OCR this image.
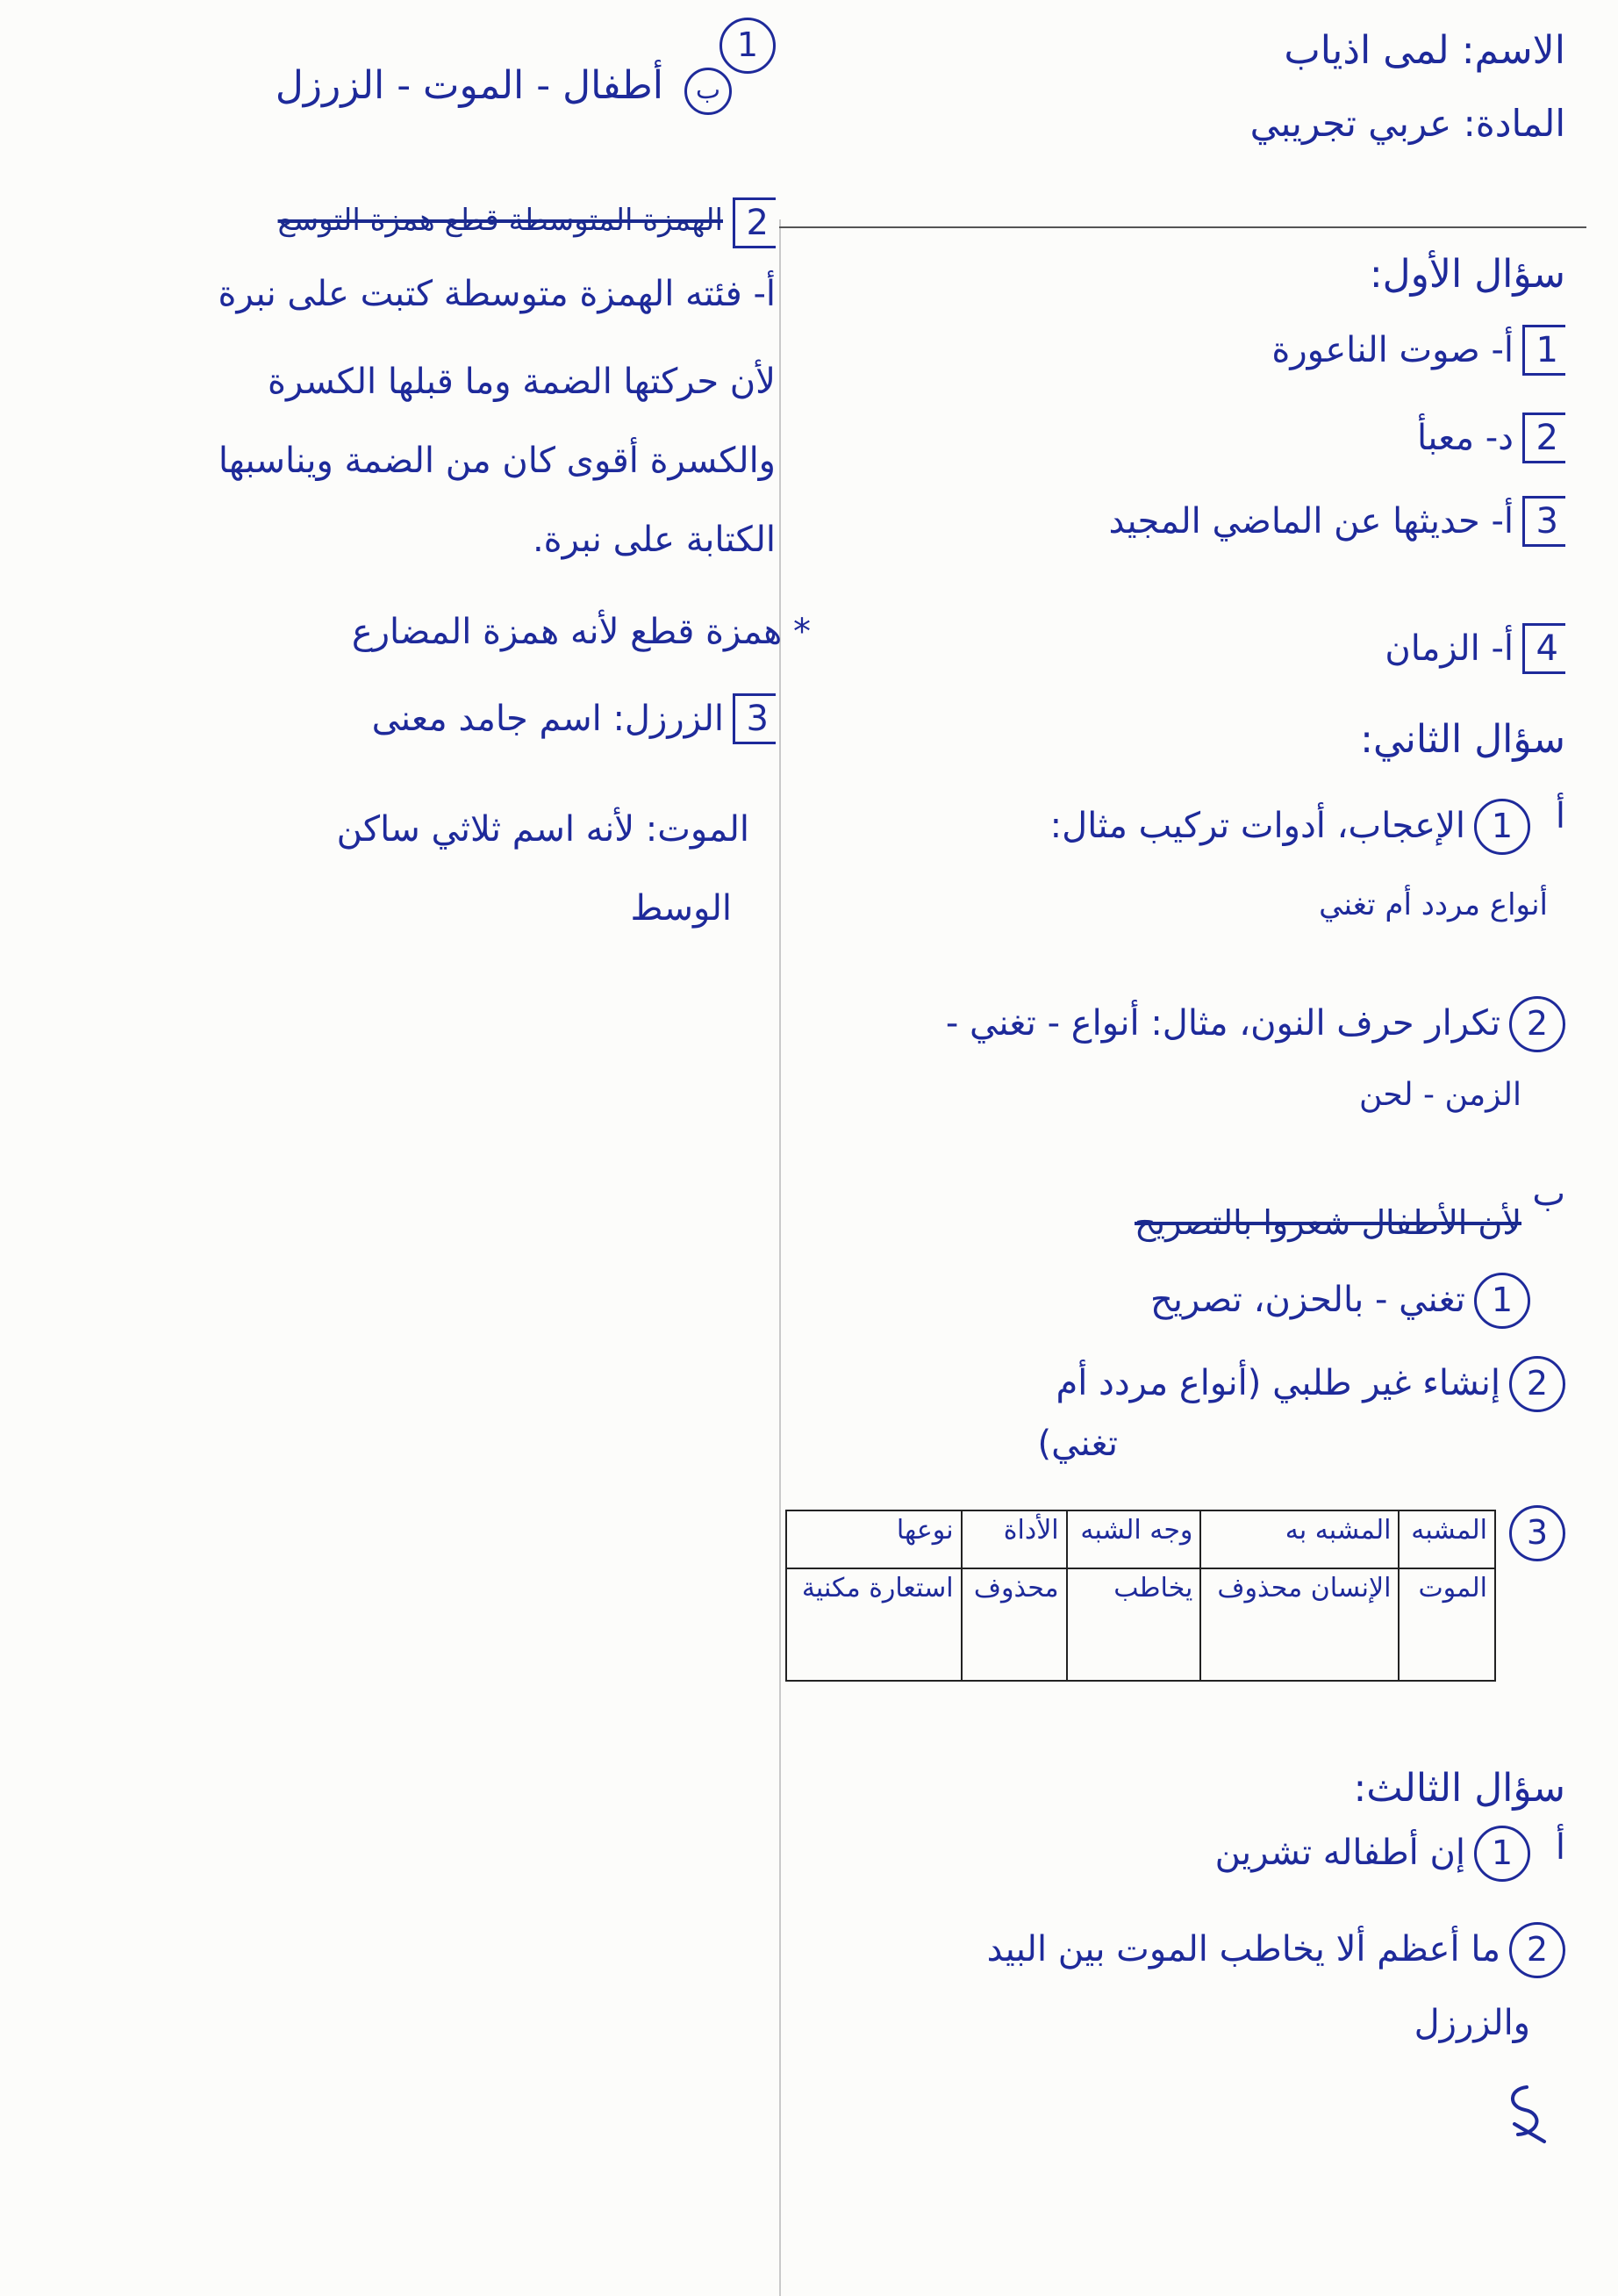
الاسم: لمى اذياب
المادة: عربي تجريبي
سؤال الأول:
1أ- صوت الناعورة
2د- معبأ
3أ- حديثها عن الماضي المجيد
4أ- الزمان
سؤال الثاني:
أ
1الإعجاب، أدوات تركيب مثال:
أنواع مردد أم تغني
2تكرار حرف النون، مثال: أنواع - تغني -
الزمن - لحن
ب
لأن الأطفال شعروا بالتصريح
1تغني - بالحزن، تصريح
2إنشاء غير طلبي (أنواع مردد أم
تغني)
3
المشبه	المشبه به	وجه الشبه	الأداة	نوعها
الموت	الإنسان محذوف	يخاطب	محذوف	استعارة مكنية
سؤال الثالث:
أ
1إن أطفاله تشرين
2ما أعظم ألا يخاطب الموت بين البيد
والزرزل
1
ب أطفال - الموت - الزرزل
2
الهمزة المتوسطة قطع همزة التوسع
أ- فئته الهمزة متوسطة كتبت على نبرة
لأن حركتها الضمة وما قبلها الكسرة
والكسرة أقوى كان من الضمة ويناسبها
الكتابة على نبرة.
* همزة قطع لأنه همزة المضارع
3الزرزل: اسم جامد معنى
الموت: لأنه اسم ثلاثي ساكن
الوسط
